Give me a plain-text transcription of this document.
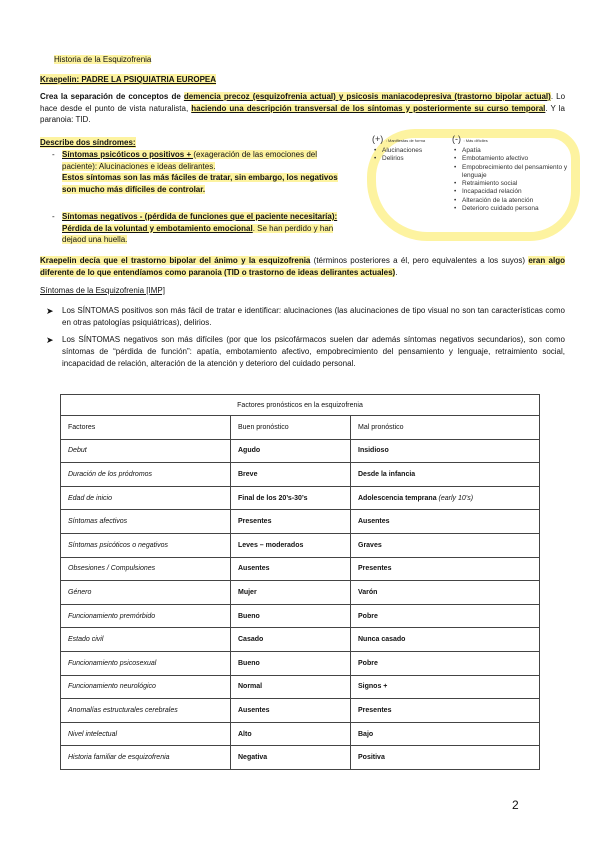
Historia de la Esquizofrenia
Kraepelin: PADRE LA PSIQUIATRIA EUROPEA
Crea la separación de conceptos de demencia precoz (esquizofrenia actual) y psicosis maniacodepresiva (trastorno bipolar actual). Lo hace desde el punto de vista naturalista, haciendo una descripción transversal de los síntomas y posteriormente su curso temporal. Y la paranoia: TID.
Describe dos síndromes:
- Síntomas psicóticos o positivos + (exageración de las emociones del paciente): Alucinaciones e ideas delirantes.
Estos síntomas son las más fáciles de tratar, sin embargo, los negativos son mucho más difíciles de controlar.
- Síntomas negativos - (pérdida de funciones que el paciente necesitaría): Pérdida de la voluntad y embotamiento emocional. Se han perdido y han dejaod una huella.
(+) : Manifiestas de forma
• Alucinaciones
• Delirios
(-) : Más difíciles
• Apatía
• Embotamiento afectivo
• Empobrecimiento del pensamiento y lenguaje
• Retraimiento social
• Incapacidad relación
• Alteración de la atención
• Deterioro cuidado persona
Kraepelin decía que el trastorno bipolar del ánimo y la esquizofrenia (términos posteriores a él, pero equivalentes a los suyos) eran algo diferente de lo que entendíamos como paranoia (TID o trastorno de ideas delirantes actuales).
Síntomas de la Esquizofrenia [IMP]
➤ Los SÍNTOMAS positivos son más fácil de tratar e identificar: alucinaciones (las alucinaciones de tipo visual no son tan características como en otras patologías psiquiátricas), delirios.
➤ Los SÍNTOMAS negativos son más difíciles (por que los psicofármacos suelen dar además síntomas negativos secundarios), son como síntomas de “pérdida de función”: apatía, embotamiento afectivo, empobrecimiento del pensamiento y lenguaje, retraimiento social, incapacidad de relación, alteración de la atención y deterioro del cuidado personal.
Factores pronósticos en la esquizofrenia		
Factores	Buen pronóstico	Mal pronóstico
Debut	Agudo	Insidioso
Duración de los pródromos	Breve	Desde la infancia
Edad de inicio	Final de los 20’s-30’s	Adolescencia temprana (early 10’s)
Síntomas afectivos	Presentes	Ausentes
Síntomas psicóticos o negativos	Leves – moderados	Graves
Obsesiones / Compulsiones	Ausentes	Presentes
Género	Mujer	Varón
Funcionamiento premórbido	Bueno	Pobre
Estado civil	Casado	Nunca casado
Funcionamiento psicosexual	Bueno	Pobre
Funcionamiento neurológico	Normal	Signos +
Anomalías estructurales cerebrales	Ausentes	Presentes
Nivel intelectual	Alto	Bajo
Historia familiar de esquizofrenia	Negativa	Positiva
2
